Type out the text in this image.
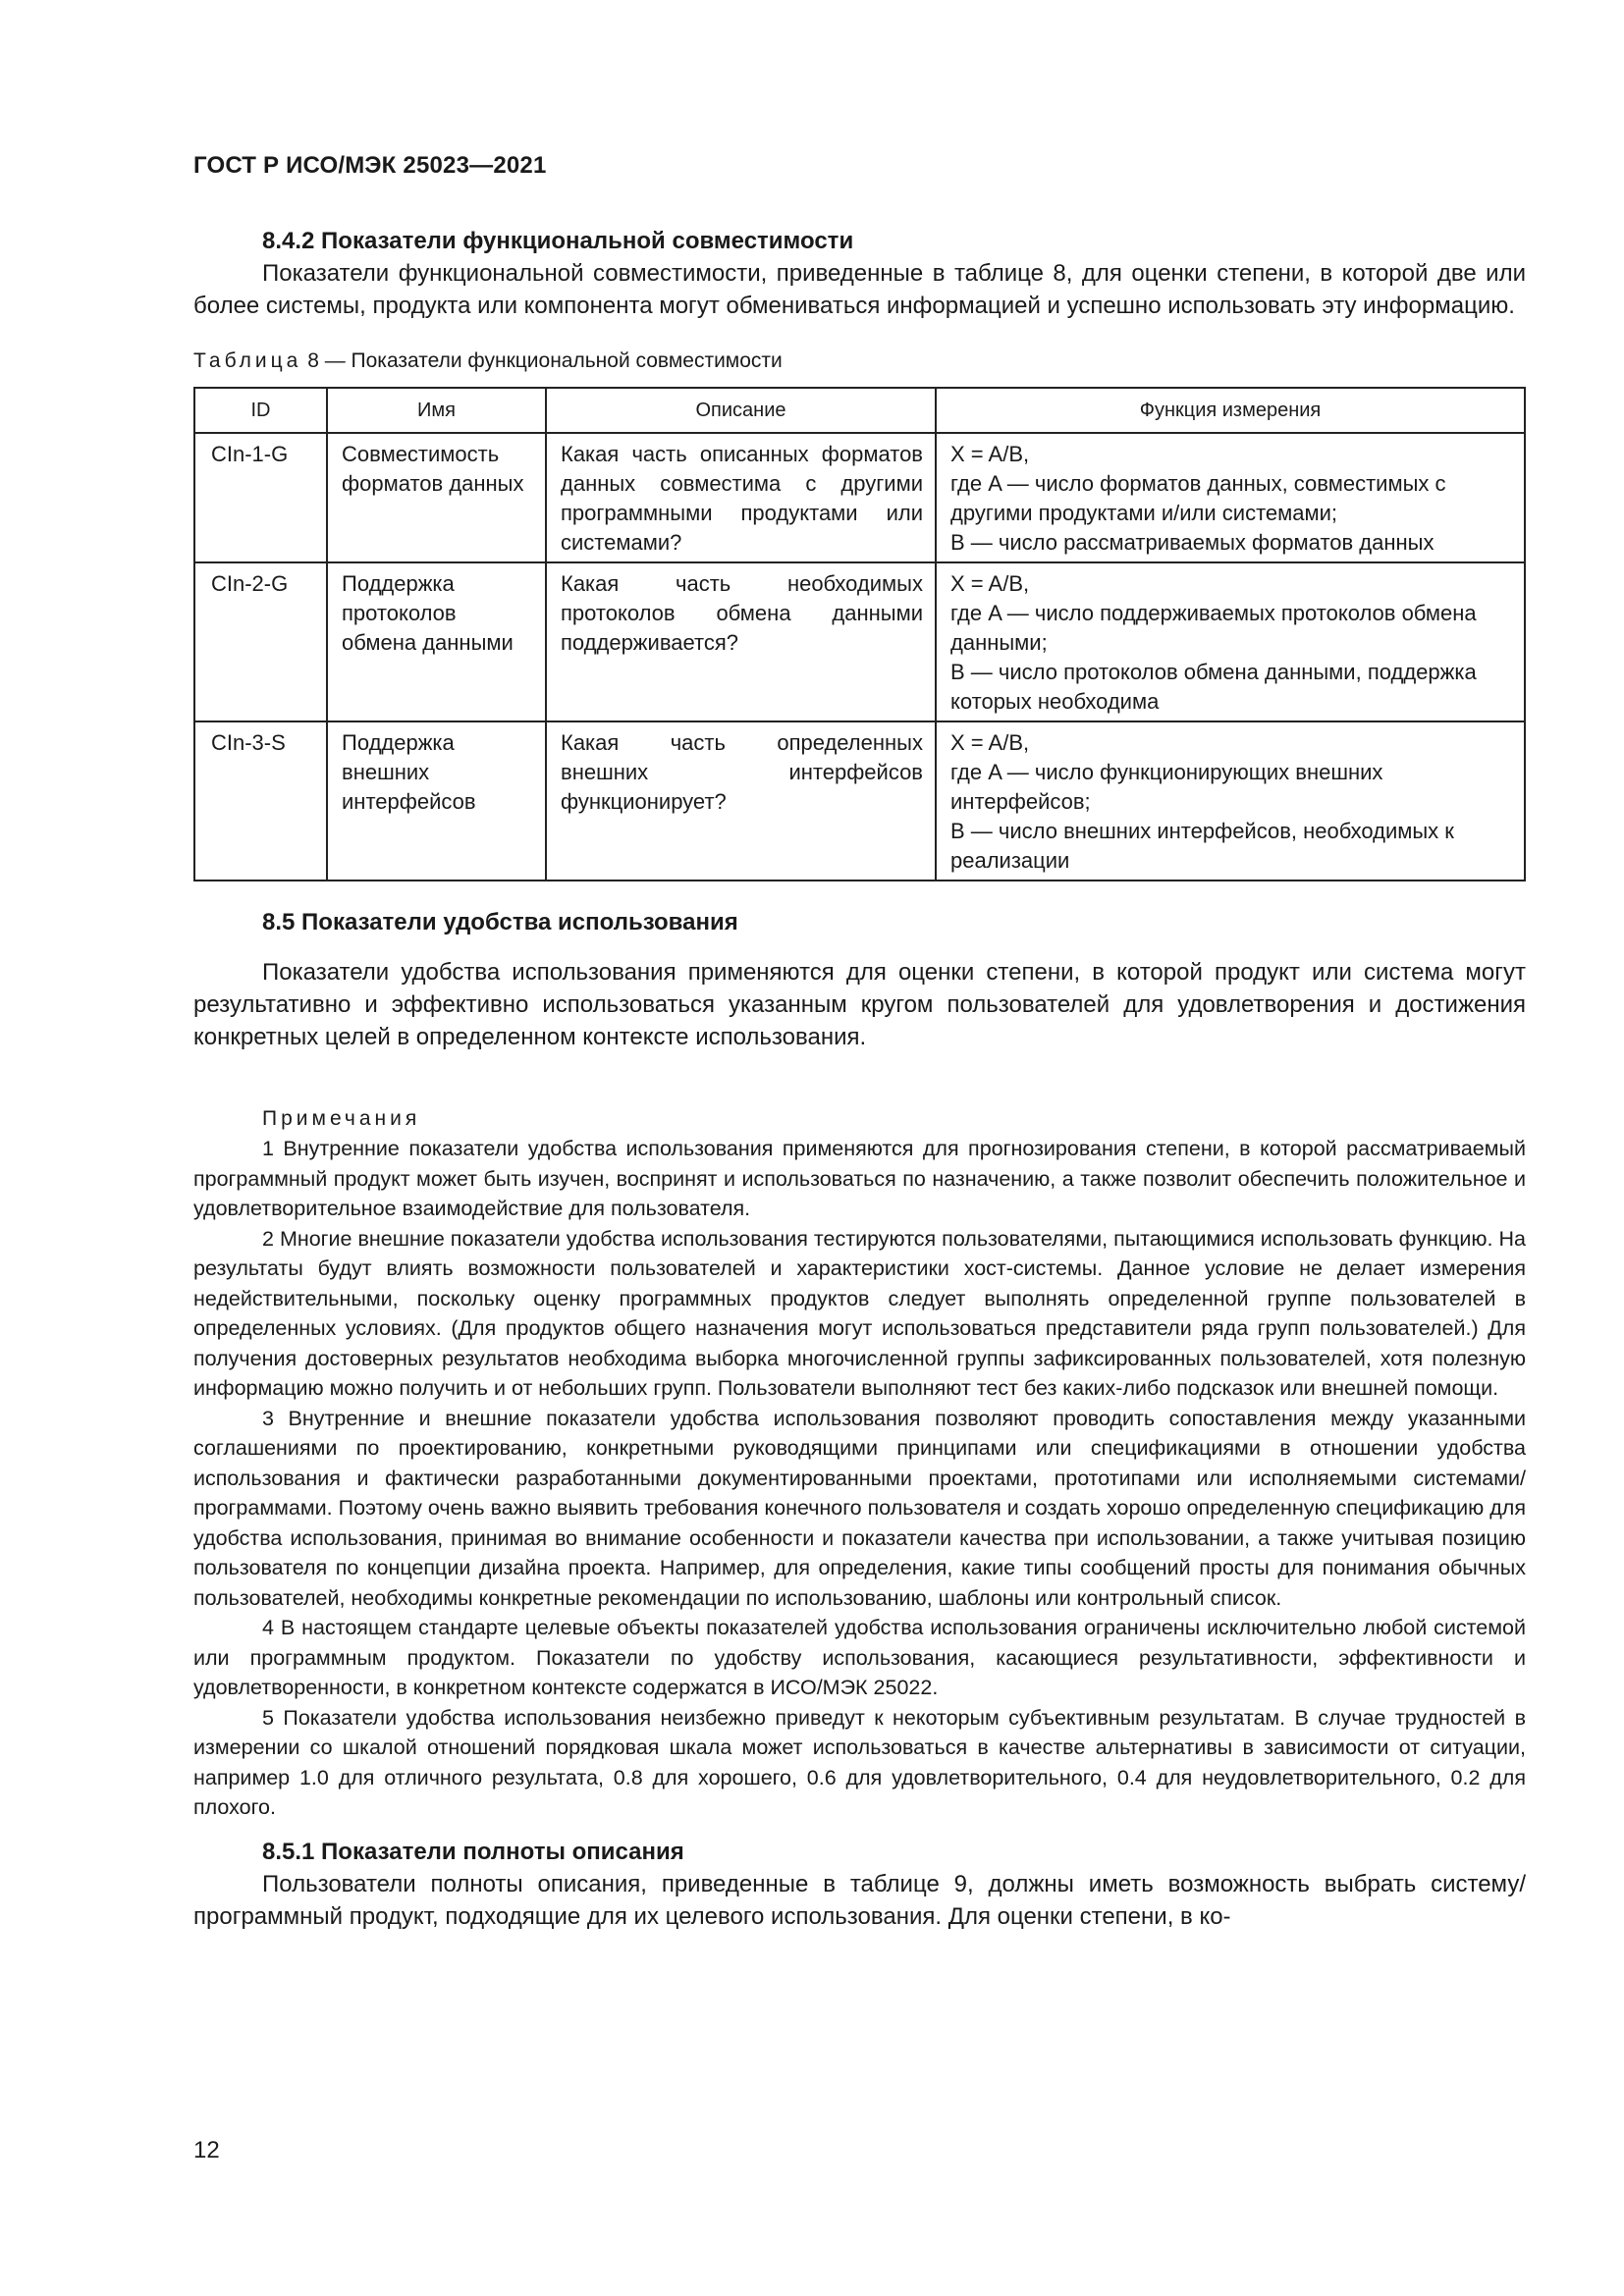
ГОСТ Р ИСО/МЭК 25023—2021
8.4.2 Показатели функциональной совместимости

Показатели функциональной совместимости, приведенные в таблице 8, для оценки степени, в которой две или более системы, продукта или компонента могут обмениваться информацией и успешно использовать эту информацию.

Таблица 8 — Показатели функциональной совместимости
ID	Имя	Описание	Функция измерения
CIn-1-G	Совместимость форматов данных	Какая часть описанных форматов данных совместима с другими программными продуктами или системами?	X = A/B,
где A — число форматов данных, совместимых с другими продуктами и/или системами;
B — число рассматриваемых форматов данных

CIn-2-G	Поддержка протоколов обмена данными	Какая часть необходимых протоколов обмена данными поддерживается?	X = A/B,
где A — число поддерживаемых протоколов обмена данными;
B — число протоколов обмена данными, поддержка которых необходима

CIn-3-S	Поддержка внешних интерфейсов	Какая часть определенных внешних интерфейсов функционирует?	X = A/B,
где A — число функционирующих внешних интерфейсов;
B — число внешних интерфейсов, необходимых к реализации
8.5 Показатели удобства использования

Показатели удобства использования применяются для оценки степени, в которой продукт или система могут результативно и эффективно использоваться указанным кругом пользователей для удовлетворения и достижения конкретных целей в определенном контексте использования.

Примечания

1 Внутренние показатели удобства использования применяются для прогнозирования степени, в которой рассматриваемый программный продукт может быть изучен, воспринят и использоваться по назначению, а также позволит обеспечить положительное и удовлетворительное взаимодействие для пользователя.

2 Многие внешние показатели удобства использования тестируются пользователями, пытающимися использовать функцию. На результаты будут влиять возможности пользователей и характеристики хост-системы. Данное условие не делает измерения недействительными, поскольку оценку программных продуктов следует выполнять определенной группе пользователей в определенных условиях. (Для продуктов общего назначения могут использоваться представители ряда групп пользователей.) Для получения достоверных результатов необходима выборка многочисленной группы зафиксированных пользователей, хотя полезную информацию можно получить и от небольших групп. Пользователи выполняют тест без каких-либо подсказок или внешней помощи.

3 Внутренние и внешние показатели удобства использования позволяют проводить сопоставления между указанными соглашениями по проектированию, конкретными руководящими принципами или спецификациями в отношении удобства использования и фактически разработанными документированными проектами, прототипами или исполняемыми системами/программами. Поэтому очень важно выявить требования конечного пользователя и создать хорошо определенную спецификацию для удобства использования, принимая во внимание особенности и показатели качества при использовании, а также учитывая позицию пользователя по концепции дизайна проекта. Например, для определения, какие типы сообщений просты для понимания обычных пользователей, необходимы конкретные рекомендации по использованию, шаблоны или контрольный список.

4 В настоящем стандарте целевые объекты показателей удобства использования ограничены исключительно любой системой или программным продуктом. Показатели по удобству использования, касающиеся результативности, эффективности и удовлетворенности, в конкретном контексте содержатся в ИСО/МЭК 25022.

5 Показатели удобства использования неизбежно приведут к некоторым субъективным результатам. В случае трудностей в измерении со шкалой отношений порядковая шкала может использоваться в качестве альтернативы в зависимости от ситуации, например 1.0 для отличного результата, 0.8 для хорошего, 0.6 для удовлетворительного, 0.4 для неудовлетворительного, 0.2 для плохого.

8.5.1 Показатели полноты описания

Пользователи полноты описания, приведенные в таблице 9, должны иметь возможность выбрать систему/программный продукт, подходящие для их целевого использования. Для оценки степени, в ко-

12
